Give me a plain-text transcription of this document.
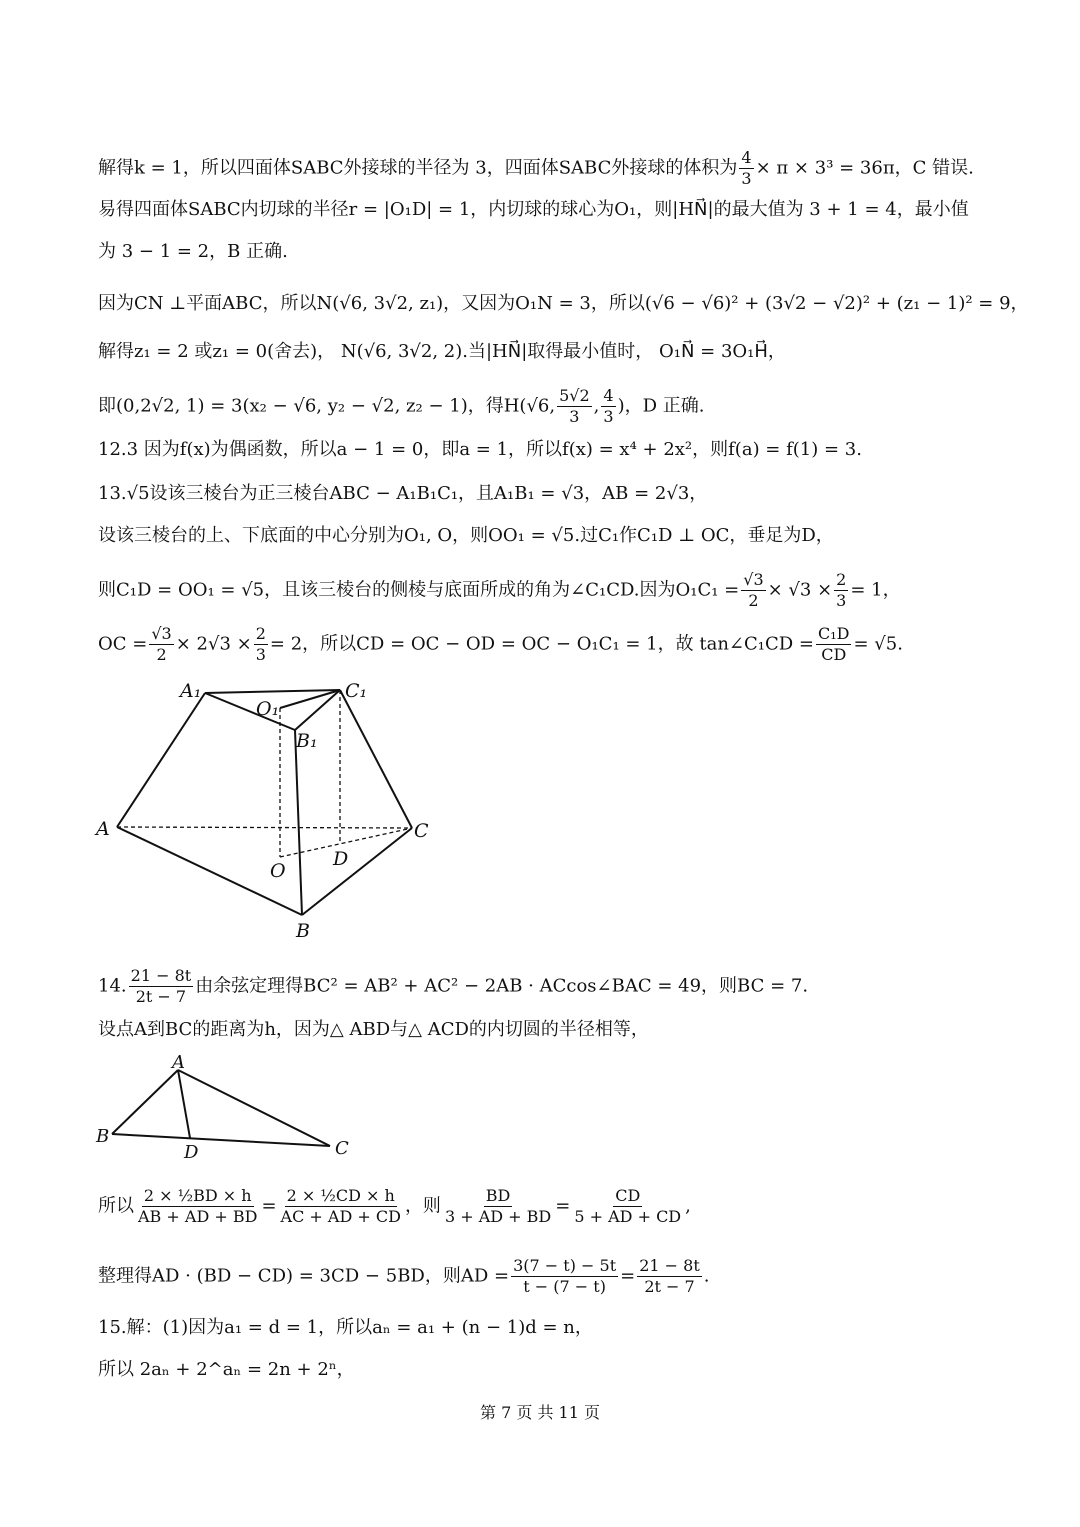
解得k = 1，所以四面体SABC外接球的半径为 3，四面体SABC外接球的体积为 $\frac{4}{3} \times \pi \times 3^3 = 36\pi$，C 错误.
易得四面体SABC内切球的半径r = |O₁D| = 1，内切球的球心为O₁，则|HN⃗|的最大值为 3 + 1 = 4，最小值
为 3 − 1 = 2，B 正确.
因为CN ⊥平面ABC，所以N(√6, 3√2, z₁)，又因为O₁N = 3，所以(√6 − √6)² + (3√2 − √2)² + (z₁ − 1)² = 9，
解得z₁ = 2 或z₁ = 0(舍去)， N(√6, 3√2, 2).当|HN⃗|取得最小值时， O₁N⃗ = 3O₁H⃗，
即(0,2√2, 1) = 3(x₂ − √6, y₂ − √2, z₂ − 1)，得H(√6, $\frac{5√2}{3}$ , $\frac{4}{3}$ )，D 正确.
12.3 因为f(x)为偶函数，所以a − 1 = 0，即a = 1，所以f(x) = x⁴ + 2x²，则f(a) = f(1) = 3.
13.√5设该三棱台为正三棱台ABC − A₁B₁C₁，且A₁B₁ = √3，AB = 2√3，
设该三棱台的上、下底面的中心分别为O₁, O，则OO₁ = √5.过C₁作C₁D ⊥ OC，垂足为D，
则C₁D = OO₁ = √5，且该三棱台的侧棱与底面所成的角为∠C₁CD.因为$O_1C_1 = \frac{√3}{2} \times √3 \times \frac{2}{3} = 1$，
OC = $\frac{√3}{2} \times 2√3 \times \frac{2}{3} = 2$，所以CD = OC − OD = OC − O₁C₁ = 1，故 tan∠C₁CD = $\frac{\text{C₁D}}{CD} = √5$.
A₁
O₁
C₁
B₁
A	C
O
D
B
14. $\frac{21 - 8t}{2t - 7}$ 由余弦定理得BC² = AB² + AC² − 2AB · ACcos∠BAC = 49，则BC = 7.
设点A到BC的距离为h，因为△ ABD与△ ACD的内切圆的半径相等，
A
B
D	C
所以 $\frac{\text{2 × ½BD × h}}{AB + AD + BD} = \frac{\text{2 × ½CD × h}}{AC + AD + CD}$ ，则 $\frac{BD}{3 + AD + BD} = \frac{CD}{5 + AD + CD}$ ,
整理得AD · (BD − CD) = 3CD − 5BD，则AD = $\frac{3(7 - t) - 5t}{t - (7 - t)} = \frac{21 - 8t}{2t - 7}$ .
15.解：(1)因为a₁ = d = 1，所以aₙ = a₁ + (n − 1)d = n，
所以 2aₙ + 2^aₙ = 2n + 2ⁿ，
第 7 页 共 11 页
